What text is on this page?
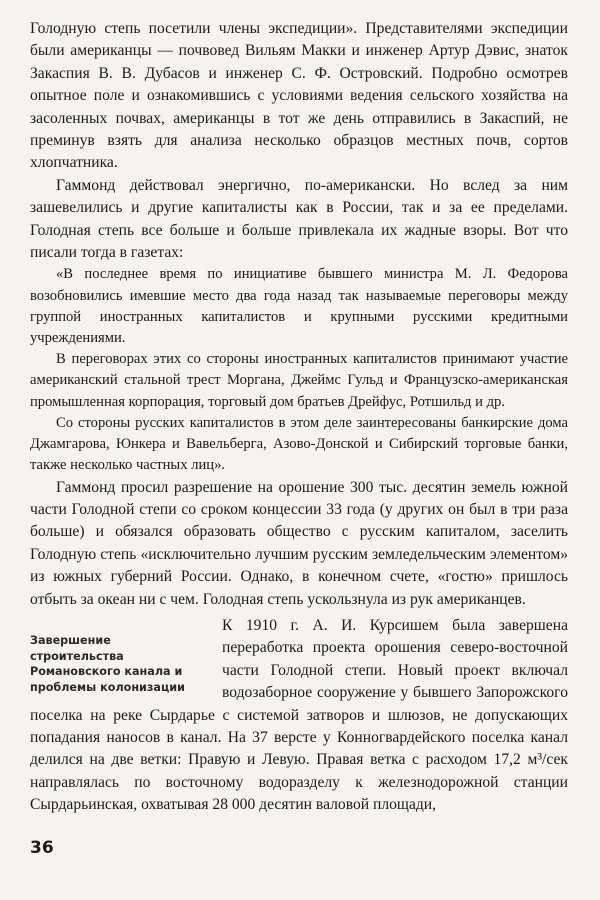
Голодную степь посетили члены экспедиции». Представителями экспедиции были американцы — почвовед Вильям Макки и инженер Артур Дэвис, знаток Закаспия В. В. Дубасов и инженер С. Ф. Островский. Подробно осмотрев опытное поле и ознакомившись с условиями ведения сельского хозяйства на засоленных почвах, американцы в тот же день отправились в Закаспий, не преминув взять для анализа несколько образцов местных почв, сортов хлопчатника.

Гаммонд действовал энергично, по-американски. Но вслед за ним зашевелились и другие капиталисты как в России, так и за ее пределами. Голодная степь все больше и больше привлекала их жадные взоры. Вот что писали тогда в газетах:

«В последнее время по инициативе бывшего министра М. Л. Федорова возобновились имевшие место два года назад так называемые переговоры между группой иностранных капиталистов и крупными русскими кредитными учреждениями.

В переговорах этих со стороны иностранных капиталистов принимают участие американский стальной трест Моргана, Джеймс Гульд и Французско-американская промышленная корпорация, торговый дом братьев Дрейфус, Ротшильд и др.

Со стороны русских капиталистов в этом деле заинтересованы банкирские дома Джамгарова, Юнкера и Вавельберга, Азово-Донской и Сибирский торговые банки, также несколько частных лиц».

Гаммонд просил разрешение на орошение 300 тыс. десятин земель южной части Голодной степи со сроком концессии 33 года (у других он был в три раза больше) и обязался образовать общество с русским капиталом, заселить Голодную степь «исключительно лучшим русским земледельческим элементом» из южных губерний России. Однако, в конечном счете, «гостю» пришлось отбыть за океан ни с чем. Голодная степь ускользнула из рук американцев.

Завершение
строительства
Романовского канала и
проблемы колонизации

К 1910 г. А. И. Курсишем была завершена переработка проекта орошения северо-восточной части Голодной степи. Новый проект включал водозаборное сооружение у бывшего Запорожского поселка на реке Сырдарье с системой затворов и шлюзов, не допускающих попадания наносов в канал. На 37 версте у Конногвардейского поселка канал делился на две ветки: Правую и Левую. Правая ветка с расходом 17,2 м³/сек направлялась по восточному водоразделу к железнодорожной станции Сырдарьинская, охватывая 28 000 десятин валовой площади,

36
